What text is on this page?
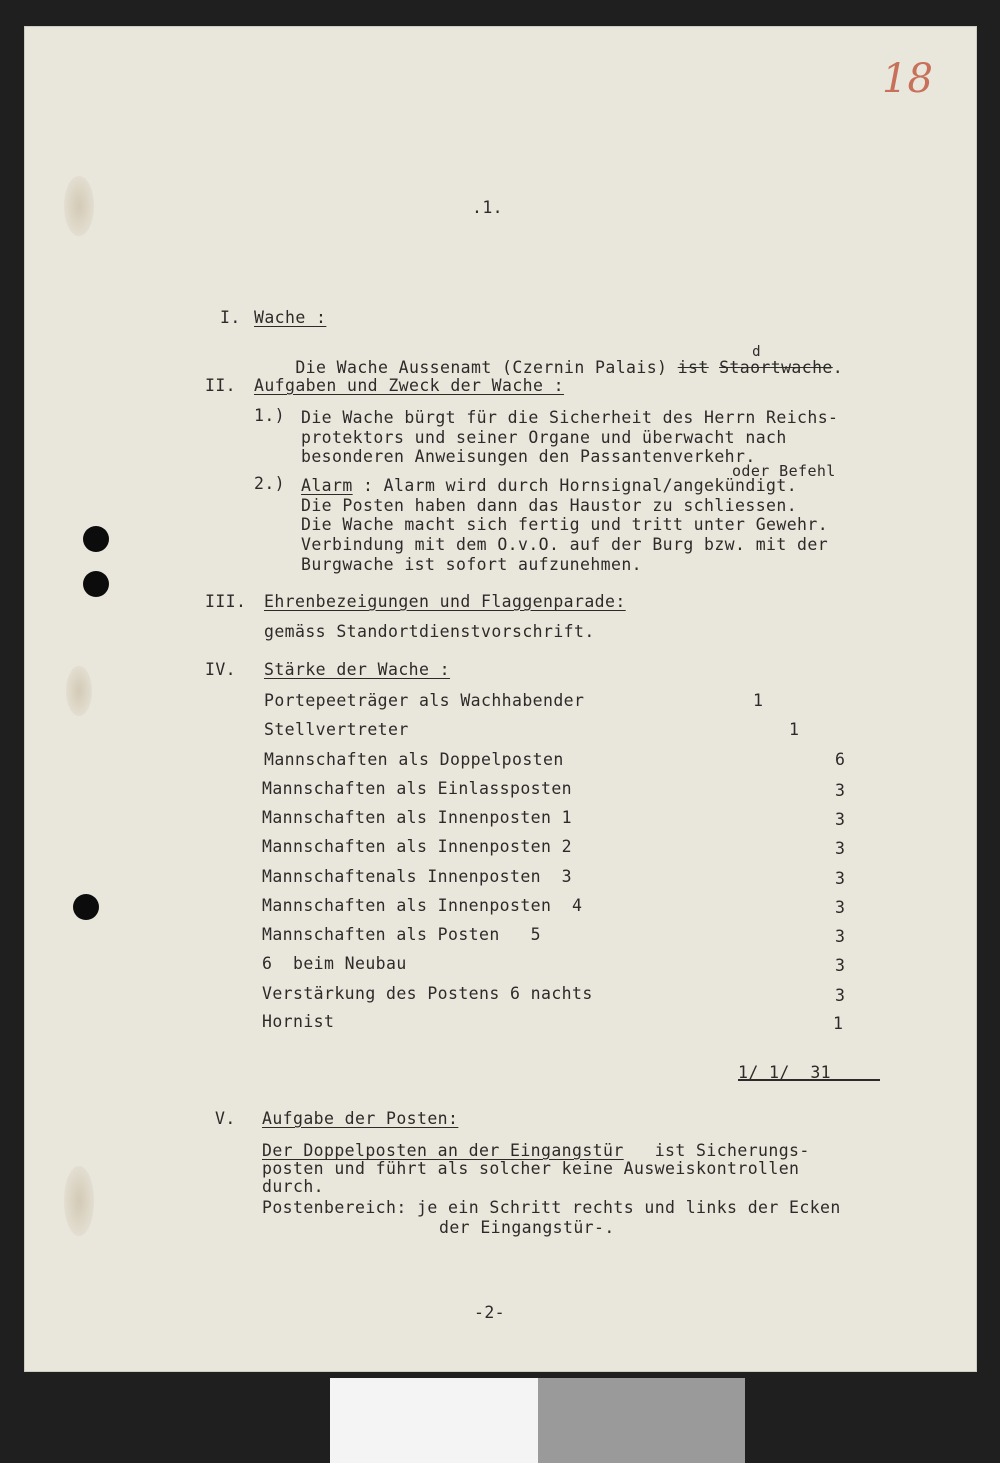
18
.1.
I. Wache :

Die Wache Aussenamt (Czernin Palais) ist Sta
d
ortwache.

II. Aufgaben und Zweck der Wache :
1.) Die Wache bürgt für die Sicherheit des Herrn Reichs-
protektors und seiner Organe und überwacht nach
besonderen Anweisungen den Passantenverkehr.
oder Befehl
2.) Alarm : Alarm wird durch Hornsignal/angekündigt.
Die Posten haben dann das Haustor zu schliessen.
Die Wache macht sich fertig und tritt unter Gewehr.
Verbindung mit dem O.v.O. auf der Burg bzw. mit der
Burgwache ist sofort aufzunehmen.
III. Ehrenbezeigungen und Flaggenparade:
gemäss Standortdienstvorschrift.
IV. Stärke der Wache :
Portepeeträger als Wachhabender	1
Stellvertreter	1
Mannschaften als Doppelposten	6
Mannschaften als Einlassposten	3
Mannschaften als Innenposten 1	3
Mannschaften als Innenposten 2	3
Mannschaftenals Innenposten  3	3
Mannschaften als Innenposten  4	3
Mannschaften als Posten   5	3
6  beim Neubau	3
Verstärkung des Postens 6 nachts	3
Hornist	1
1/ 1/  31
V. Aufgabe der Posten:
Der Doppelposten an der Eingangstür   ist Sicherungs-
posten und führt als solcher keine Ausweiskontrollen
durch.
Postenbereich: je ein Schritt rechts und links der Ecken
der Eingangstür-.
-2-
